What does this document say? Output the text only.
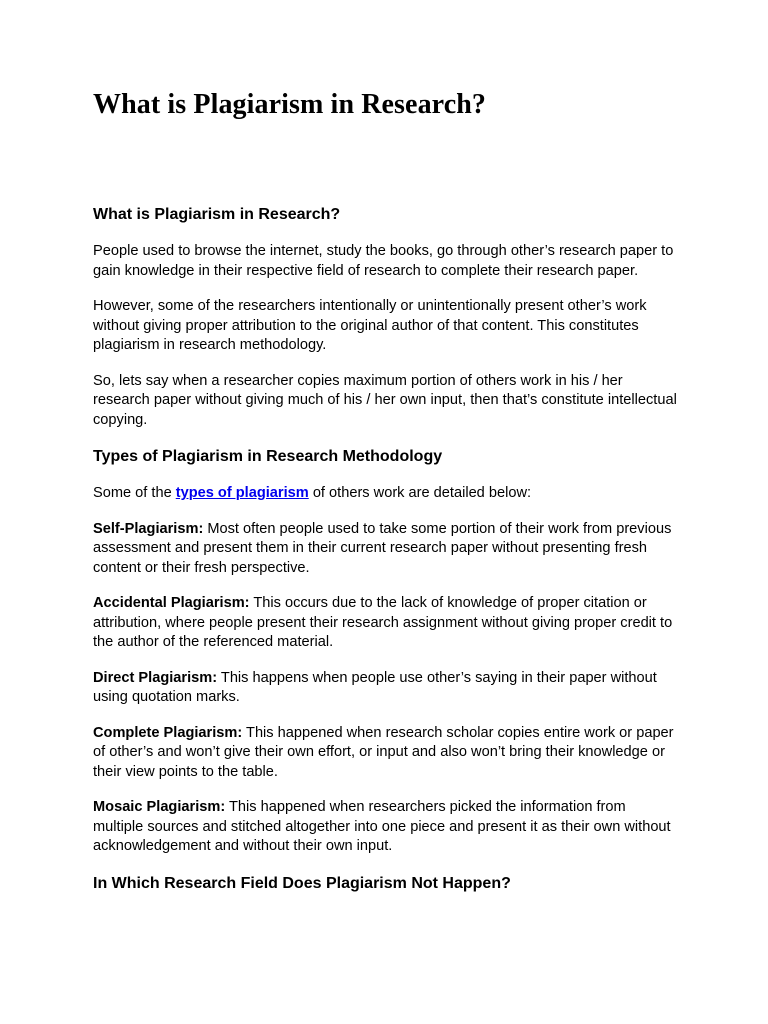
What is Plagiarism in Research?
What is Plagiarism in Research?

People used to browse the internet, study the books, go through other’s research paper to gain knowledge in their respective field of research to complete their research paper.

However, some of the researchers intentionally or unintentionally present other’s work without giving proper attribution to the original author of that content. This constitutes plagiarism in research methodology.

So, lets say when a researcher copies maximum portion of others work in his / her research paper without giving much of his / her own input, then that’s constitute intellectual copying.

Types of Plagiarism in Research Methodology

Some of the types of plagiarism of others work are detailed below:

Self-Plagiarism: Most often people used to take some portion of their work from previous assessment and present them in their current research paper without presenting fresh content or their fresh perspective.

Accidental Plagiarism: This occurs due to the lack of knowledge of proper citation or attribution, where people present their research assignment without giving proper credit to the author of the referenced material.

Direct Plagiarism: This happens when people use other’s saying in their paper without using quotation marks.

Complete Plagiarism: This happened when research scholar copies entire work or paper of other’s and won’t give their own effort, or input and also won’t bring their knowledge or their view points to the table.

Mosaic Plagiarism: This happened when researchers picked the information from multiple sources and stitched altogether into one piece and present it as their own without acknowledgement and without their own input.

In Which Research Field Does Plagiarism Not Happen?
